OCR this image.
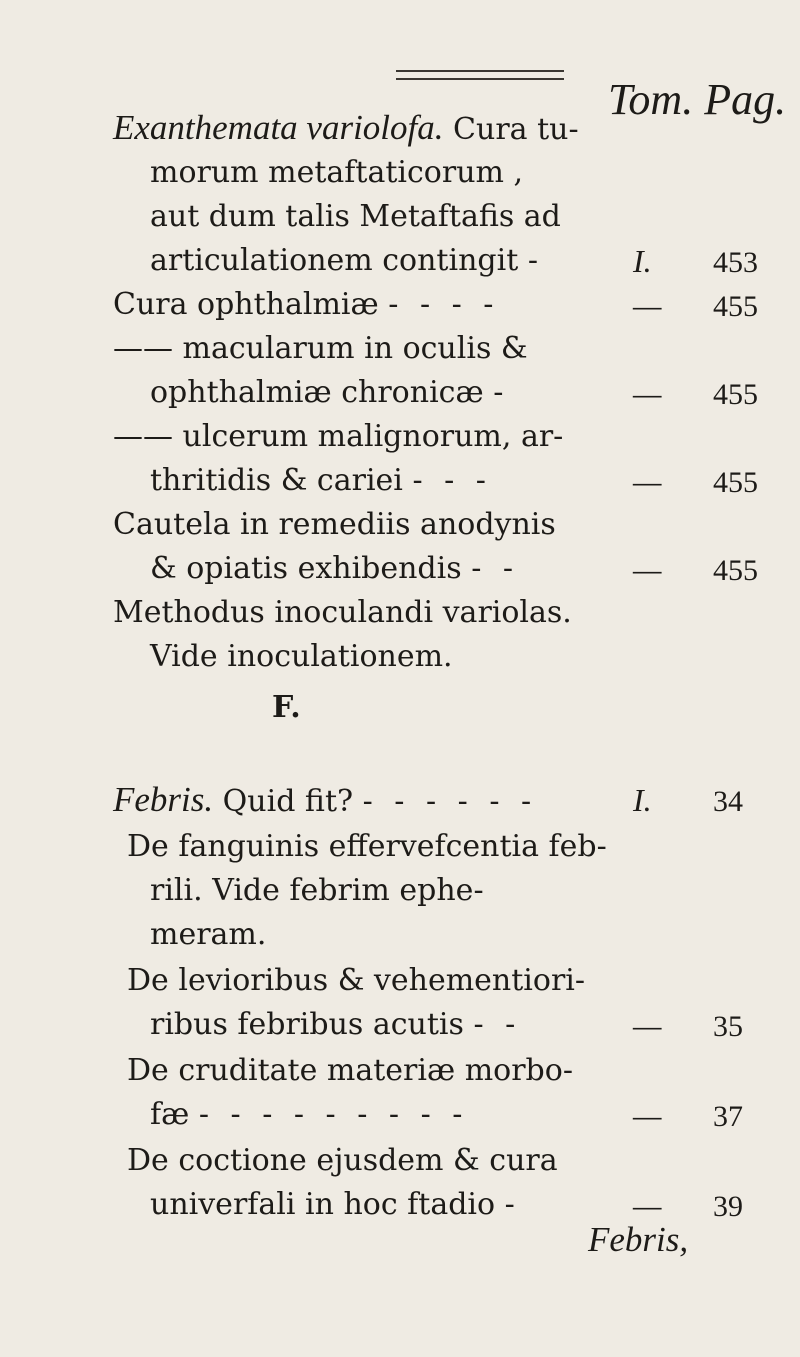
Tom. Pag.
Exanthemata variolofa. Cura tu-
morum metaftaticorum ,
aut dum talis Metaftafis ad
articulationem contingit -	I. 453
Cura ophthalmiæ - - - -	— 455
—— macularum in oculis &
ophthalmiæ chronicæ -	— 455
—— ulcerum malignorum, ar-
thritidis & cariei - - -	— 455
Cautela in remediis anodynis
& opiatis exhibendis - -	— 455
Methodus inoculandi variolas.
Vide inoculationem.
F.
Febris. Quid fit? - - - - - -	I. 34
De fanguinis effervefcentia feb-
rili. Vide febrim ephe-
meram.
De levioribus & vehementiori-
ribus febribus acutis - -	— 35
De cruditate materiæ morbo-
fæ - - - - - - - - -	— 37
De coctione ejusdem & cura
univerfali in hoc ftadio -	— 39
Febris,
